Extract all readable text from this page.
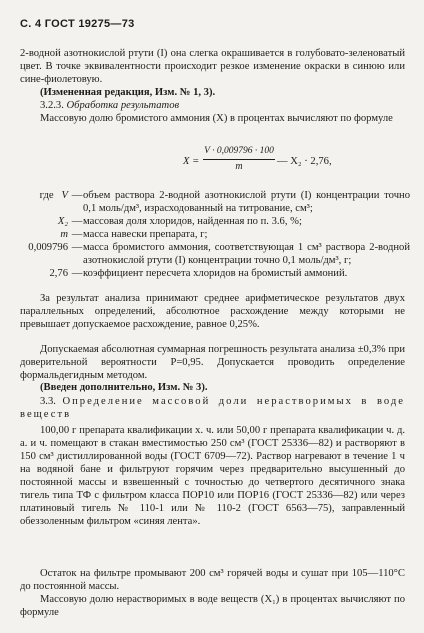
С. 4 ГОСТ 19275—73
2-водной азотнокислой ртути (I) она слегка окрашивается в голубовато-зеленоватый цвет. В точке эквивалентности происходит резкое изменение окраски в синюю или сине-фиолетовую.
(Измененная редакция, Изм. № 1, 3).
3.2.3. Обработка результатов
Массовую долю бромистого аммония (X) в процентах вычисляют по формуле
$X = \frac{V \cdot 0,009796 \cdot 100}{m}$ — X₂ · 2,76,
где V	—	объем раствора 2-водной азотнокислой ртути (I) концентрации точно 0,1 моль/дм³, израсходованный на титрование, см³;
X₂	—	массовая доля хлоридов, найденная по п. 3.6, %;
m	—	масса навески препарата, г;
0,009796	—	масса бромистого аммония, соответствующая 1 см³ раствора 2-водной азотнокислой ртути (I) концентрации точно 0,1 моль/дм³, г;
2,76	—	коэффициент пересчета хлоридов на бромистый аммоний.
За результат анализа принимают среднее арифметическое результатов двух параллельных определений, абсолютное расхождение между которыми не превышает допускаемое расхождение, равное 0,25%.
Допускаемая абсолютная суммарная погрешность результата анализа ±0,3% при доверительной вероятности P=0,95. Допускается проводить определение формальдегидным методом.
(Введен дополнительно, Изм. № 3).
3.3. Определение массовой доли нерастворимых в воде веществ
100,00 г препарата квалификации х. ч. или 50,00 г препарата квалификации ч. д. а. и ч. помещают в стакан вместимостью 250 см³ (ГОСТ 25336—82) и растворяют в 150 см³ дистиллированной воды (ГОСТ 6709—72). Раствор нагревают в течение 1 ч на водяной бане и фильтруют горячим через предварительно высушенный до постоянной массы и взвешенный с точностью до четвертого десятичного знака тигель типа ТФ с фильтром класса ПОР10 или ПОР16 (ГОСТ 25336—82) или через платиновый тигель № 110-1 или № 110-2 (ГОСТ 6563—75), заправленный обеззоленным фильтром «синяя лента».
Остаток на фильтре промывают 200 см³ горячей воды и сушат при 105—110°С до постоянной массы.
Массовую долю нерастворимых в воде веществ (X₁) в процентах вычисляют по формуле
